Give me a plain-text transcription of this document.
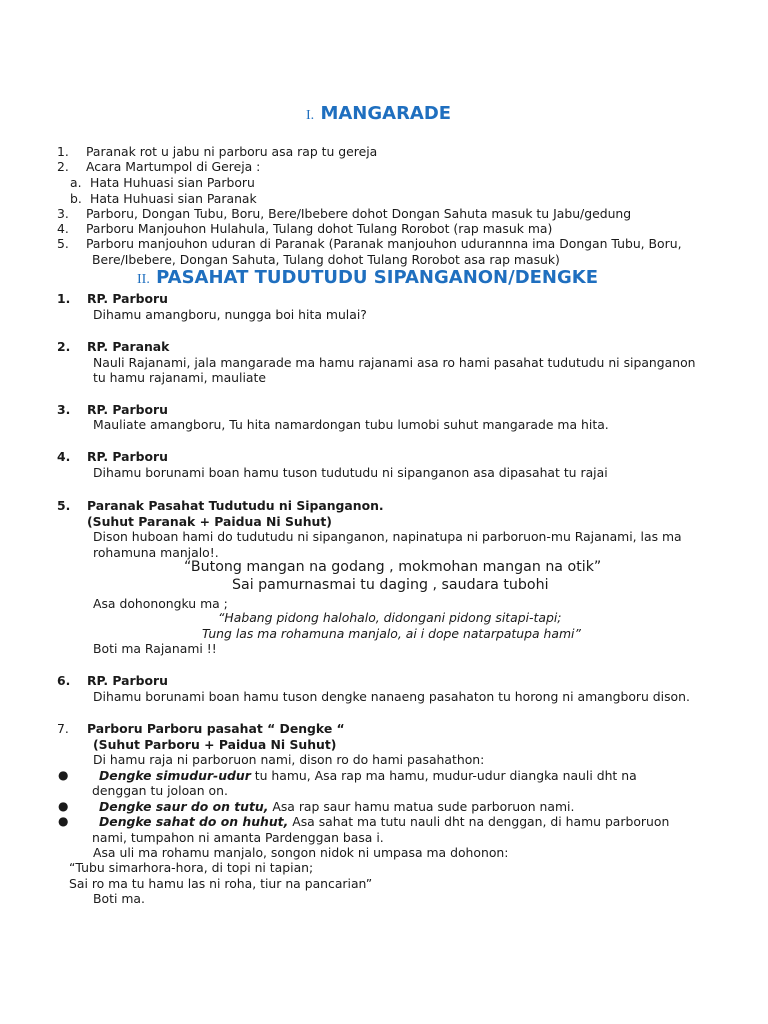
I. MANGARADE
1. Paranak rot u jabu ni parboru asa rap tu gereja
2. Acara Martumpol di Gereja :
a. Hata Huhuasi sian Parboru
b. Hata Huhuasi sian Paranak
3. Parboru, Dongan Tubu, Boru, Bere/Ibebere dohot Dongan Sahuta masuk tu Jabu/gedung
4. Parboru Manjouhon Hulahula, Tulang dohot Tulang Rorobot (rap masuk ma)
5. Parboru manjouhon uduran di Paranak (Paranak manjouhon udurannna ima Dongan Tubu, Boru,
Bere/Ibebere, Dongan Sahuta, Tulang dohot Tulang Rorobot asa rap masuk)
II. PASAHAT TUDUTUDU SIPANGANON/DENGKE
1. RP. Parboru
Dihamu amangboru, nungga boi hita mulai?
2. RP. Paranak
Nauli Rajanami, jala mangarade ma hamu rajanami asa ro hami pasahat tudutudu ni sipanganon
tu hamu rajanami, mauliate
3. RP. Parboru
Mauliate amangboru, Tu hita namardongan tubu lumobi suhut mangarade ma hita.
4. RP. Parboru
Dihamu borunami boan hamu tuson tudutudu ni sipanganon asa dipasahat tu rajai
5. Paranak Pasahat Tudutudu ni Sipanganon.
(Suhut Paranak + Paidua Ni Suhut)
Dison huboan hami do tudutudu ni sipanganon, napinatupa ni parboruon-mu Rajanami, las ma
rohamuna manjalo!.
“Butong mangan na godang , mokmohan mangan na otik”
Sai pamurnasmai tu daging , saudara tubohi
Asa dohonongku ma ;
“Habang pidong halohalo, didongani pidong sitapi-tapi;
Tung las ma rohamuna manjalo, ai i dope natarpatupa hami”
Boti ma Rajanami !!
6. RP. Parboru
Dihamu borunami boan hamu tuson dengke nanaeng pasahaton tu horong ni amangboru dison.
7. Parboru Parboru pasahat “ Dengke “
(Suhut Parboru + Paidua Ni Suhut)
Di hamu raja ni parboruon nami, dison ro do hami pasahathon:
● Dengke simudur-udur tu hamu, Asa rap ma hamu, mudur-udur diangka nauli dht na
denggan tu joloan on.
● Dengke saur do on tutu, Asa rap saur hamu matua sude parboruon nami.
● Dengke sahat do on huhut, Asa sahat ma tutu nauli dht na denggan, di hamu parboruon
nami, tumpahon ni amanta Pardenggan basa i.
Asa uli ma rohamu manjalo, songon nidok ni umpasa ma dohonon:
“Tubu simarhora-hora, di topi ni tapian;
Sai ro ma tu hamu las ni roha, tiur na pancarian”
Boti ma.
